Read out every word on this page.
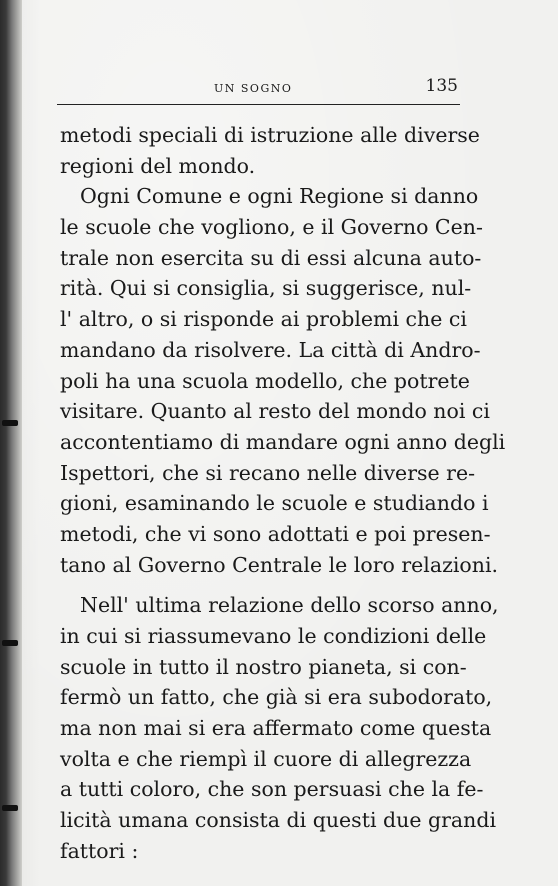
UN SOGNO	135
metodi speciali di istruzione alle diverse
regioni del mondo.
Ogni Comune e ogni Regione si danno
le scuole che vogliono, e il Governo Cen-
trale non esercita su di essi alcuna auto-
rità. Qui si consiglia, si suggerisce, nul-
l' altro, o si risponde ai problemi che ci
mandano da risolvere. La città di Andro-
poli ha una scuola modello, che potrete
visitare. Quanto al resto del mondo noi ci
accontentiamo di mandare ogni anno degli
Ispettori, che si recano nelle diverse re-
gioni, esaminando le scuole e studiando i
metodi, che vi sono adottati e poi presen-
tano al Governo Centrale le loro relazioni.
Nell' ultima relazione dello scorso anno,
in cui si riassumevano le condizioni delle
scuole in tutto il nostro pianeta, si con-
fermò un fatto, che già si era subodorato,
ma non mai si era affermato come questa
volta e che riempì il cuore di allegrezza
a tutti coloro, che son persuasi che la fe-
licità umana consista di questi due grandi
fattori :
